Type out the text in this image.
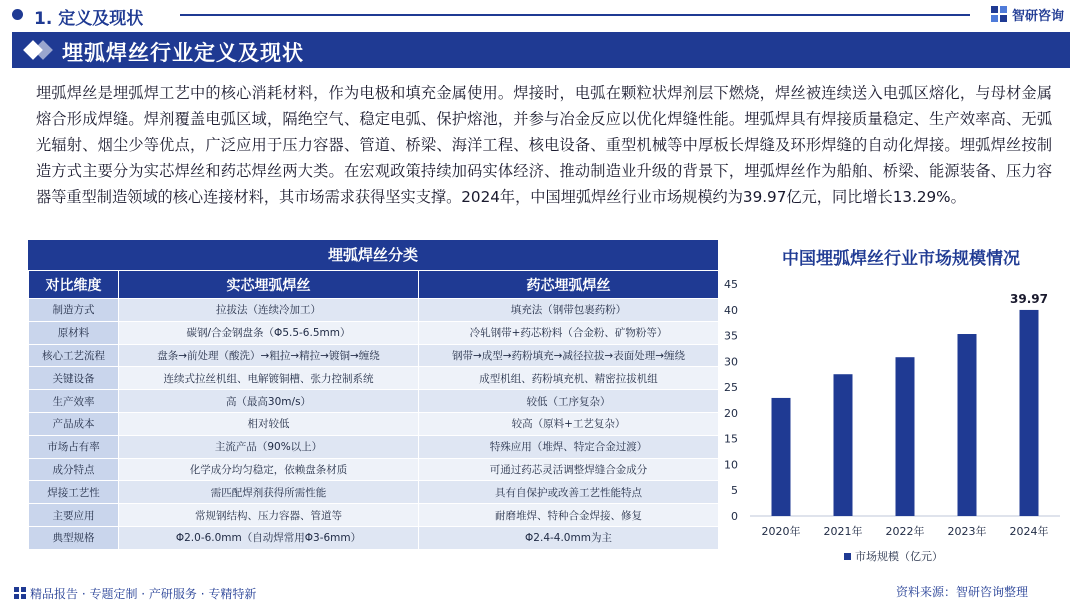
1. 定义及现状	智研咨询
埋弧焊丝行业定义及现状
埋弧焊丝是埋弧焊工艺中的核心消耗材料，作为电极和填充金属使用。焊接时，电弧在颗粒状焊剂层下燃烧，焊丝被连续送入电弧区熔化，与母材金属熔合形成焊缝。焊剂覆盖电弧区域，隔绝空气、稳定电弧、保护熔池，并参与冶金反应以优化焊缝性能。埋弧焊具有焊接质量稳定、生产效率高、无弧光辐射、烟尘少等优点，广泛应用于压力容器、管道、桥梁、海洋工程、核电设备、重型机械等中厚板长焊缝及环形焊缝的自动化焊接。埋弧焊丝按制造方式主要分为实芯焊丝和药芯焊丝两大类。在宏观政策持续加码实体经济、推动制造业升级的背景下，埋弧焊丝作为船舶、桥梁、能源装备、压力容器等重型制造领域的核心连接材料，其市场需求获得坚实支撑。2024年，中国埋弧焊丝行业市场规模约为39.97亿元，同比增长13.29%。
埋弧焊丝分类
对比维度	实芯埋弧焊丝	药芯埋弧焊丝
制造方式	拉拔法（连续冷加工）	填充法（钢带包裹药粉）
原材料	碳钢/合金钢盘条（Φ5.5-6.5mm）	冷轧钢带+药芯粉料（合金粉、矿物粉等）
核心工艺流程	盘条→前处理（酸洗）→粗拉→精拉→镀铜→缠绕	钢带→成型→药粉填充→减径拉拔→表面处理→缠绕
关键设备	连续式拉丝机组、电解镀铜槽、张力控制系统	成型机组、药粉填充机、精密拉拔机组
生产效率	高（最高30m/s）	较低（工序复杂）
产品成本	相对较低	较高（原料+工艺复杂）
市场占有率	主流产品（90%以上）	特殊应用（堆焊、特定合金过渡）
成分特点	化学成分均匀稳定，依赖盘条材质	可通过药芯灵活调整焊缝合金成分
焊接工艺性	需匹配焊剂获得所需性能	具有自保护或改善工艺性能特点
主要应用	常规钢结构、压力容器、管道等	耐磨堆焊、特种合金焊接、修复
典型规格	Φ2.0-6.0mm（自动焊常用Φ3-6mm）	Φ2.4-4.0mm为主
中国埋弧焊丝行业市场规模情况
0
5
10
15
20
25
30
35
40
45
2020年 2021年 2022年 2023年 2024年
39.97
市场规模（亿元）
精品报告 · 专题定制 · 产研服务 · 专精特新	资料来源：智研咨询整理
